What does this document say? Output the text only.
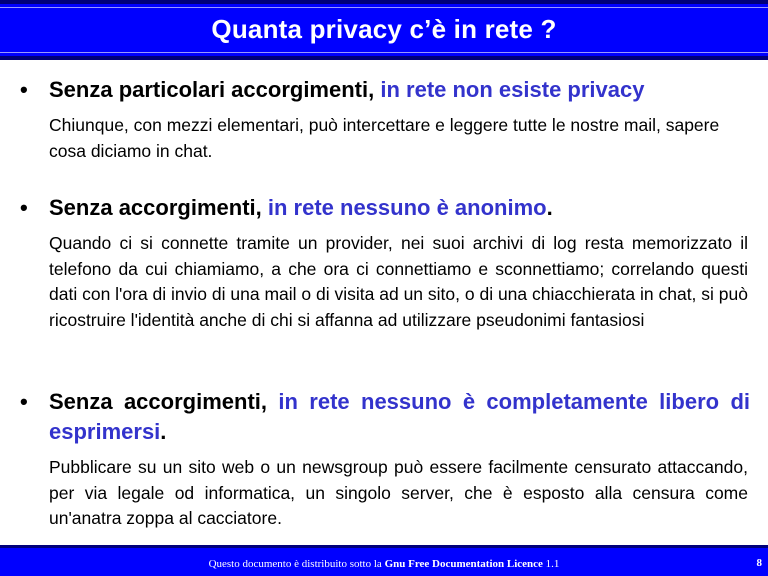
Quanta privacy c’è in rete ?
• Senza particolari accorgimenti, in rete non esiste privacy
Chiunque, con mezzi elementari, può intercettare e leggere tutte le nostre mail, sapere cosa diciamo in chat.
• Senza accorgimenti, in rete nessuno è anonimo.
Quando ci si connette tramite un provider, nei suoi archivi di log resta memorizzato il telefono da cui chiamiamo, a che ora ci connettiamo e sconnettiamo; correlando questi dati con l'ora di invio di una mail o di visita ad un sito, o di una chiacchierata in chat, si può ricostruire l'identità anche di chi si affanna ad utilizzare pseudonimi fantasiosi
• Senza accorgimenti, in rete nessuno è completamente libero di esprimersi.
Pubblicare su un sito web o un newsgroup può essere facilmente censurato attaccando, per via legale od informatica, un singolo server, che è esposto alla censura come un'anatra zoppa al cacciatore.
Questo documento è distribuito sotto la Gnu Free Documentation Licence 1.1	8
